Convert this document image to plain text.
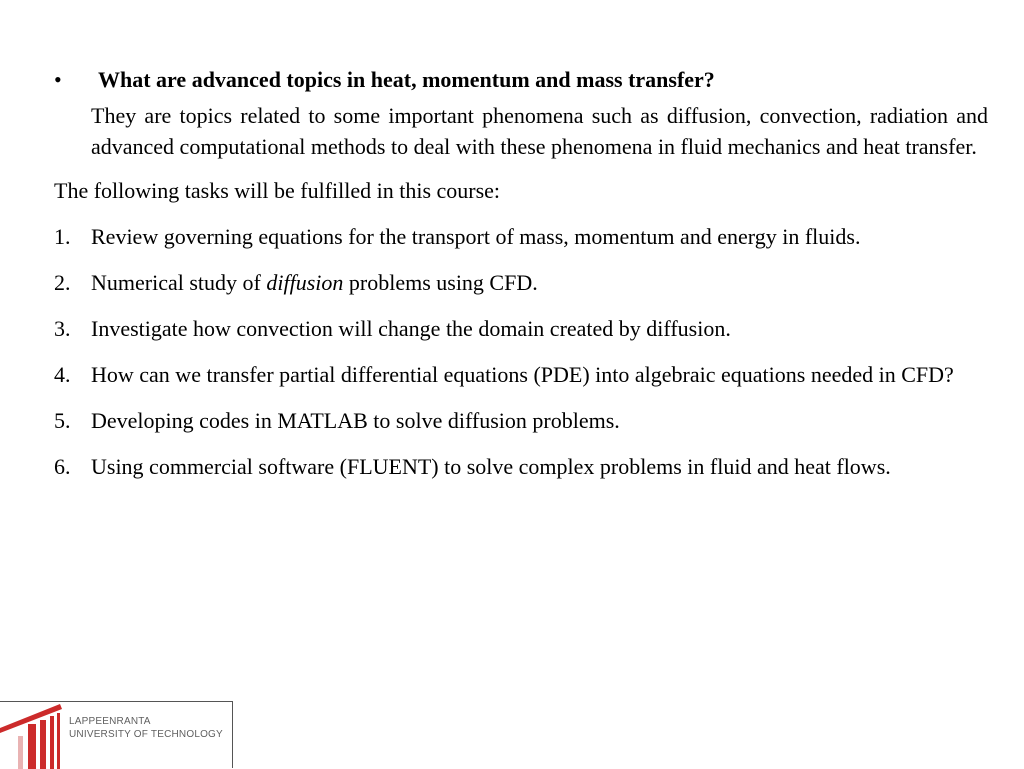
• What are advanced topics in heat, momentum and mass transfer?
They are topics related to some important phenomena such as diffusion, convection, radiation and advanced computational methods to deal with these phenomena in fluid mechanics and heat transfer.
The following tasks will be fulfilled in this course:
1. Review governing equations for the transport of mass, momentum and energy in fluids.
2. Numerical study of diffusion problems using CFD.
3. Investigate how convection will change the domain created by diffusion.
4. How can we transfer partial differential equations (PDE) into algebraic equations needed in CFD?
5. Developing codes in MATLAB to solve diffusion problems.
6. Using commercial software (FLUENT) to solve complex problems in fluid and heat flows.
LAPPEENRANTA
UNIVERSITY OF TECHNOLOGY
